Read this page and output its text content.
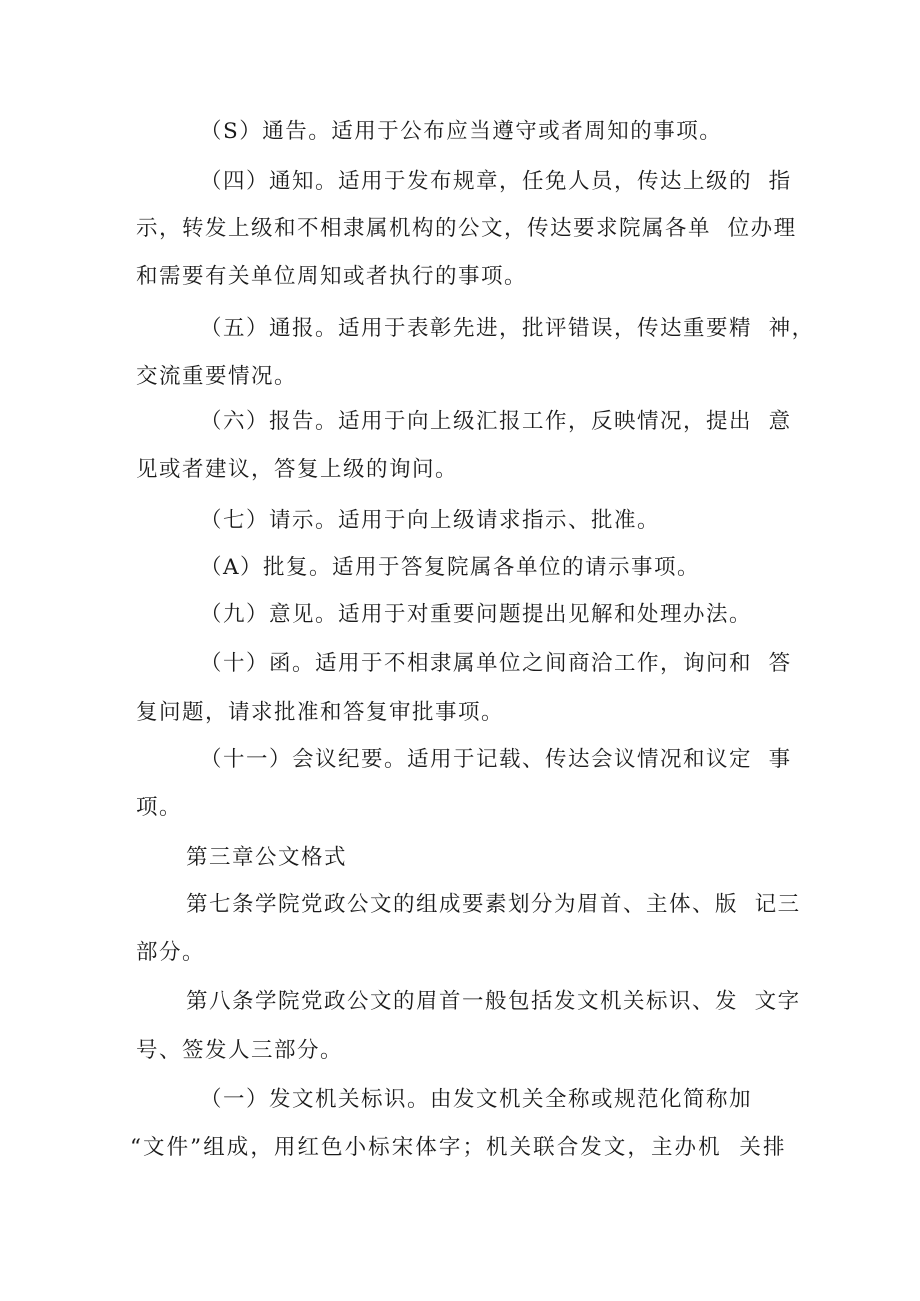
（S）通告。适用于公布应当遵守或者周知的事项。
（四）通知。适用于发布规章，任免人员，传达上级的  指
示，转发上级和不相隶属机构的公文，传达要求院属各单  位办理
和需要有关单位周知或者执行的事项。
（五）通报。适用于表彰先进，批评错误，传达重要精  神，
交流重要情况。
（六）报告。适用于向上级汇报工作，反映情况，提出  意
见或者建议，答复上级的询问。
（七）请示。适用于向上级请求指示、批准。
（A）批复。适用于答复院属各单位的请示事项。
（九）意见。适用于对重要问题提出见解和处理办法。
（十）函。适用于不相隶属单位之间商洽工作，询问和  答
复问题，请求批准和答复审批事项。
（十一）会议纪要。适用于记载、传达会议情况和议定  事
项。
第三章公文格式
第七条学院党政公文的组成要素划分为眉首、主体、版  记三
部分。
第八条学院党政公文的眉首一般包括发文机关标识、发  文字
号、签发人三部分。
（一）发文机关标识。由发文机关全称或规范化简称加
“文件”组成，用红色小标宋体字；机关联合发文，主办机  关排
